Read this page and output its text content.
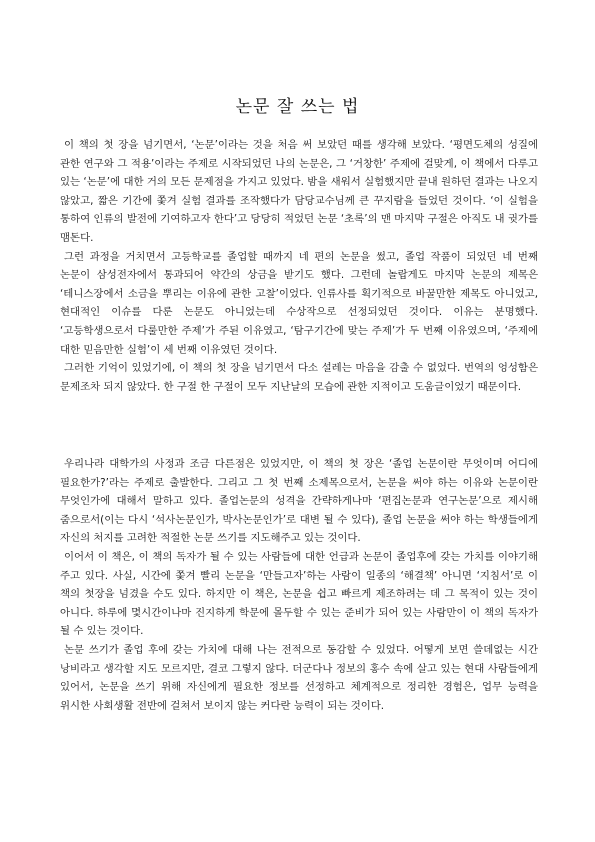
논문 잘 쓰는 법

이 책의 첫 장을 넘기면서, ‘논문’이라는 것을 처음 써 보았던 때를 생각해 보았다. ‘평면도체의 성질에 관한 연구와 그 적용’이라는 주제로 시작되었던 나의 논문은, 그 ‘거창한’ 주제에 걸맞게, 이 책에서 다루고 있는 ‘논문’에 대한 거의 모든 문제점을 가지고 있었다. 밤을 새워서 실험했지만 끝내 원하던 결과는 나오지 않았고, 짧은 기간에 쫓겨 실험 결과를 조작했다가 담당교수님께 큰 꾸지람을 들었던 것이다. ‘이 실험을 통하여 인류의 발전에 기여하고자 한다’고 당당히 적었던 논문 ‘초록’의 맨 마지막 구절은 아직도 내 귓가를 맴돈다.

그런 과정을 거치면서 고등학교를 졸업할 때까지 네 편의 논문을 썼고, 졸업 작품이 되었던 네 번째 논문이 삼성전자에서 통과되어 약간의 상금을 받기도 했다. 그런데 놀랍게도 마지막 논문의 제목은 ‘테니스장에서 소금을 뿌리는 이유에 관한 고찰’이었다. 인류사를 획기적으로 바꿀만한 제목도 아니었고, 현대적인 이슈를 다룬 논문도 아니었는데 수상작으로 선정되었던 것이다. 이유는 분명했다. ‘고등학생으로서 다룰만한 주제’가 주된 이유였고, ‘탐구기간에 맞는 주제’가 두 번째 이유였으며, ‘주제에 대한 믿음만한 실험’이 세 번째 이유였던 것이다.

그러한 기억이 있었기에, 이 책의 첫 장을 넘기면서 다소 설레는 마음을 감출 수 없었다. 번역의 엉성함은 문제조차 되지 않았다. 한 구절 한 구절이 모두 지난날의 모습에 관한 지적이고 도움글이었기 때문이다.

우리나라 대학가의 사정과 조금 다른점은 있었지만, 이 책의 첫 장은 ‘졸업 논문이란 무엇이며 어디에 필요한가?’라는 주제로 출발한다. 그리고 그 첫 번째 소제목으로서, 논문을 써야 하는 이유와 논문이란 무엇인가에 대해서 말하고 있다. 졸업논문의 성격을 간략하게나마 ‘편집논문과 연구논문’으로 제시해 줌으로서(이는 다시 ‘석사논문인가, 박사논문인가’로 대변 될 수 있다), 졸업 논문을 써야 하는 학생들에게 자신의 처지를 고려한 적절한 논문 쓰기를 지도해주고 있는 것이다.

이어서 이 책은, 이 책의 독자가 될 수 있는 사람들에 대한 언급과 논문이 졸업후에 갖는 가치를 이야기해 주고 있다. 사실, 시간에 쫓겨 빨리 논문을 ‘만들고자’하는 사람이 일종의 ‘해결책’ 아니면 ‘지침서’로 이 책의 첫장을 넘겼을 수도 있다. 하지만 이 책은, 논문을 쉽고 빠르게 제조하려는 데 그 목적이 있는 것이 아니다. 하루에 몇시간이나마 진지하게 학문에 몰두할 수 있는 준비가 되어 있는 사람만이 이 책의 독자가 될 수 있는 것이다.

논문 쓰기가 졸업 후에 갖는 가치에 대해 나는 전적으로 동감할 수 있었다. 어떻게 보면 쓸데없는 시간 낭비라고 생각할 지도 모르지만, 결코 그렇지 않다. 더군다나 정보의 홍수 속에 살고 있는 현대 사람들에게 있어서, 논문을 쓰기 위해 자신에게 필요한 정보를 선정하고 체계적으로 정리한 경험은, 업무 능력을 위시한 사회생활 전반에 걸쳐서 보이지 않는 커다란 능력이 되는 것이다.
